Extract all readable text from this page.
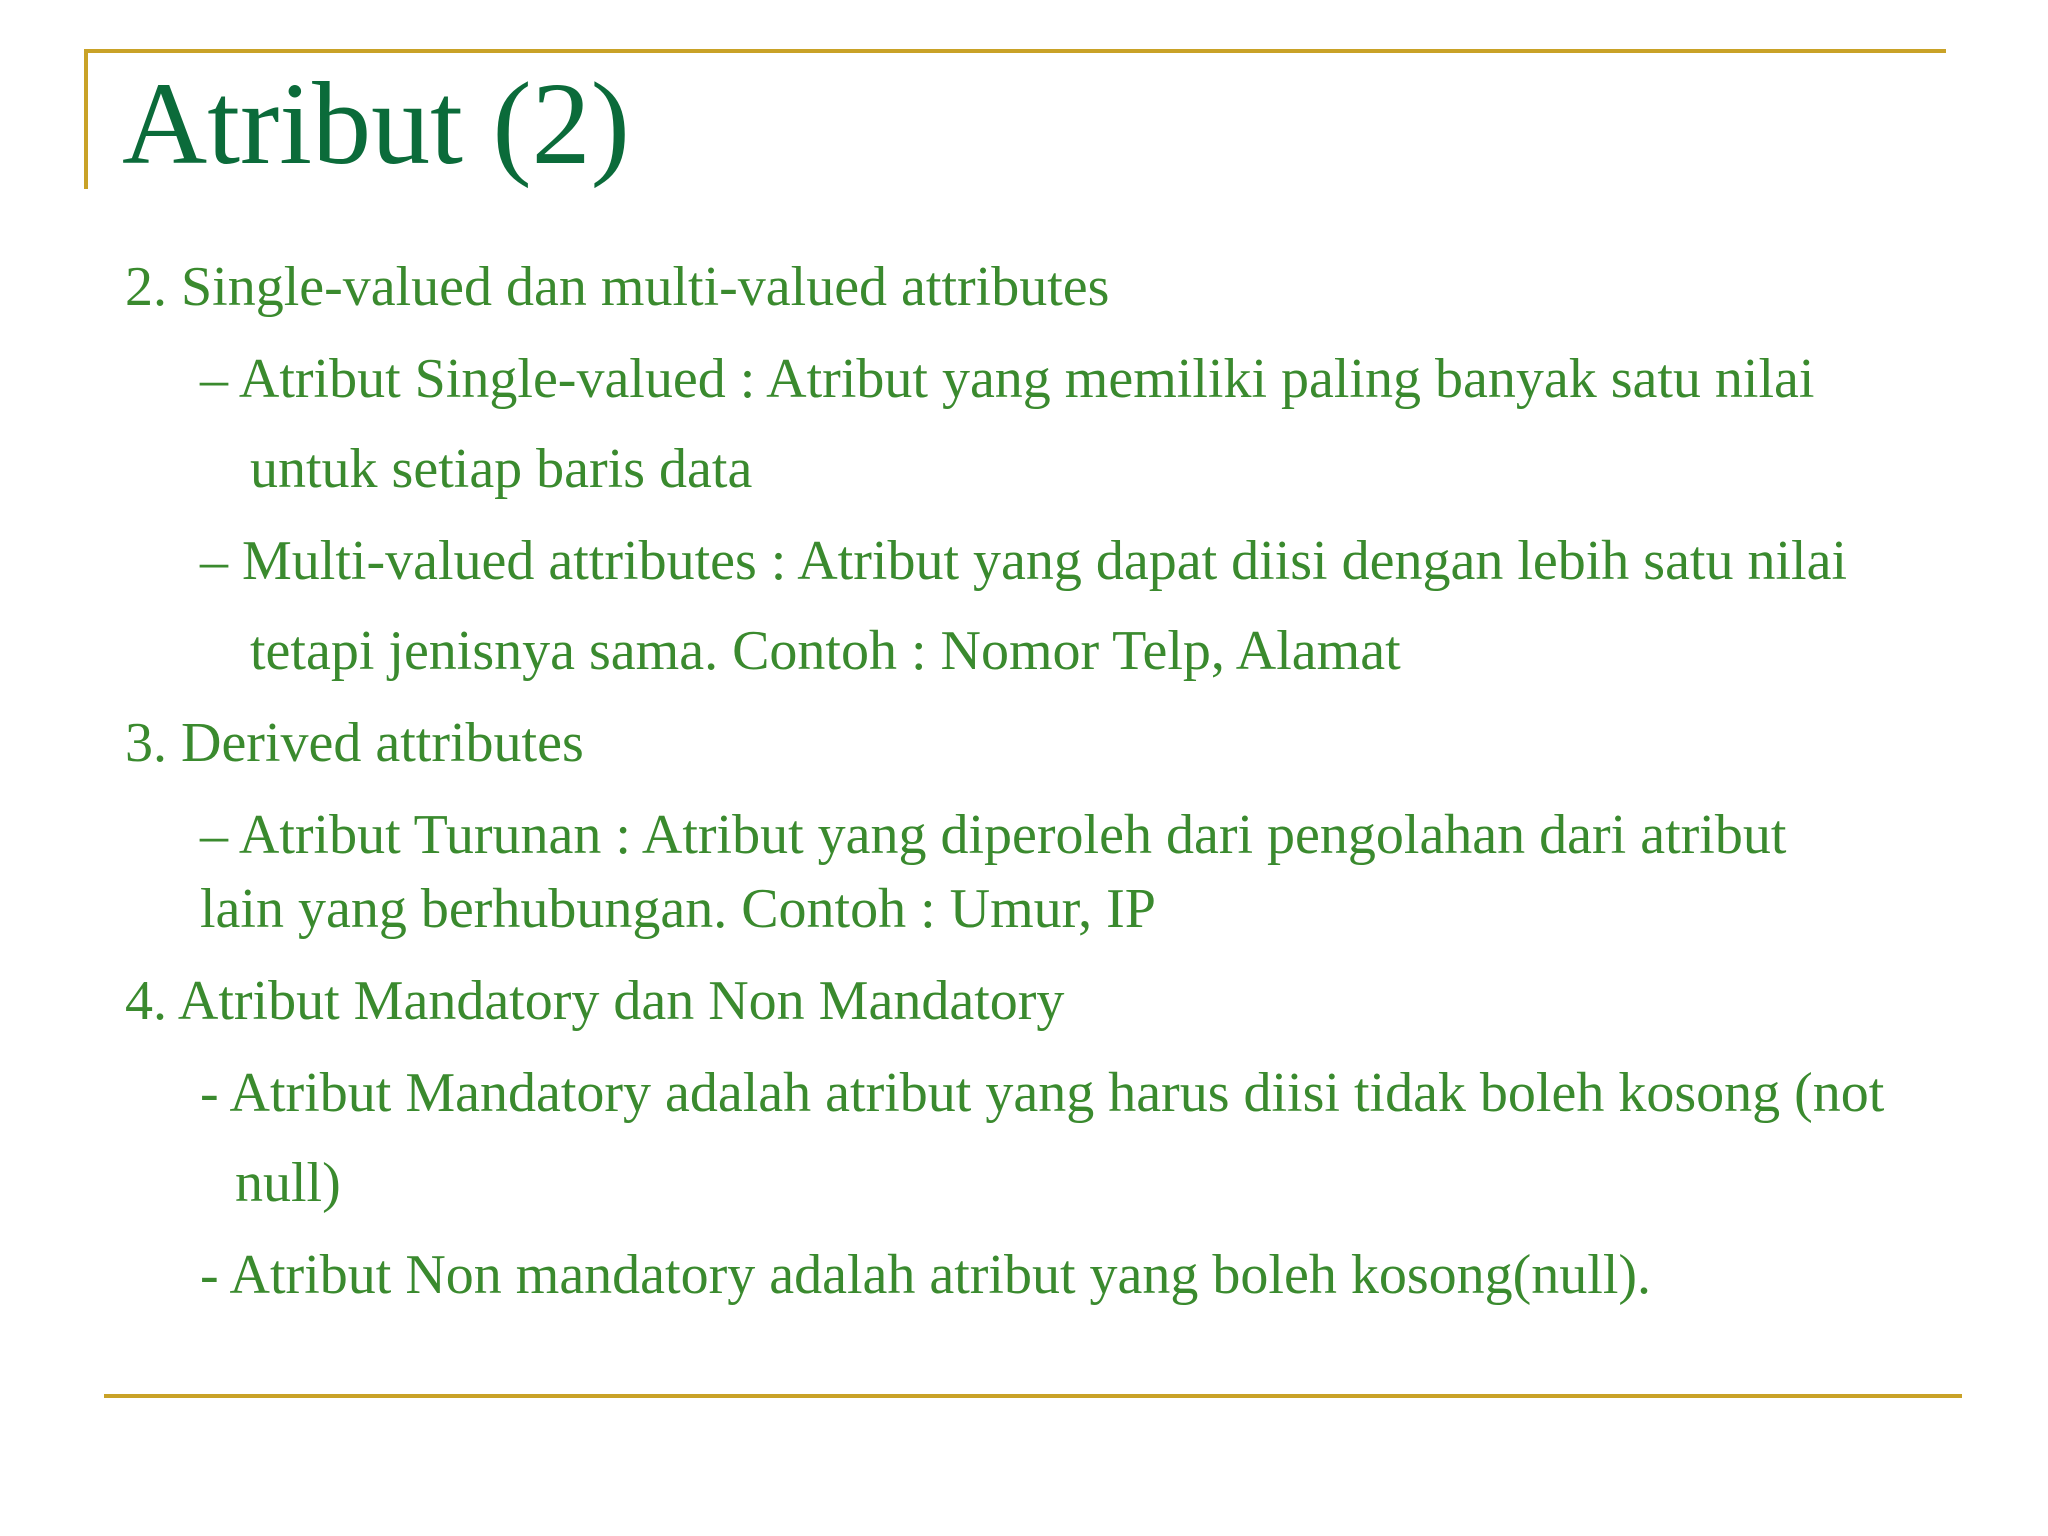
Atribut (2)

2. Single-valued dan multi-valued attributes

– Atribut Single-valued : Atribut yang memiliki paling banyak satu nilai

untuk setiap baris data

– Multi-valued attributes : Atribut yang dapat diisi dengan lebih satu nilai

tetapi jenisnya sama. Contoh : Nomor Telp, Alamat

3. Derived attributes

– Atribut Turunan : Atribut yang diperoleh dari pengolahan dari atribut

lain yang berhubungan. Contoh : Umur, IP

4. Atribut Mandatory dan Non Mandatory

- Atribut Mandatory adalah atribut yang harus diisi tidak boleh kosong (not

null)

- Atribut Non mandatory adalah atribut yang boleh kosong(null).
